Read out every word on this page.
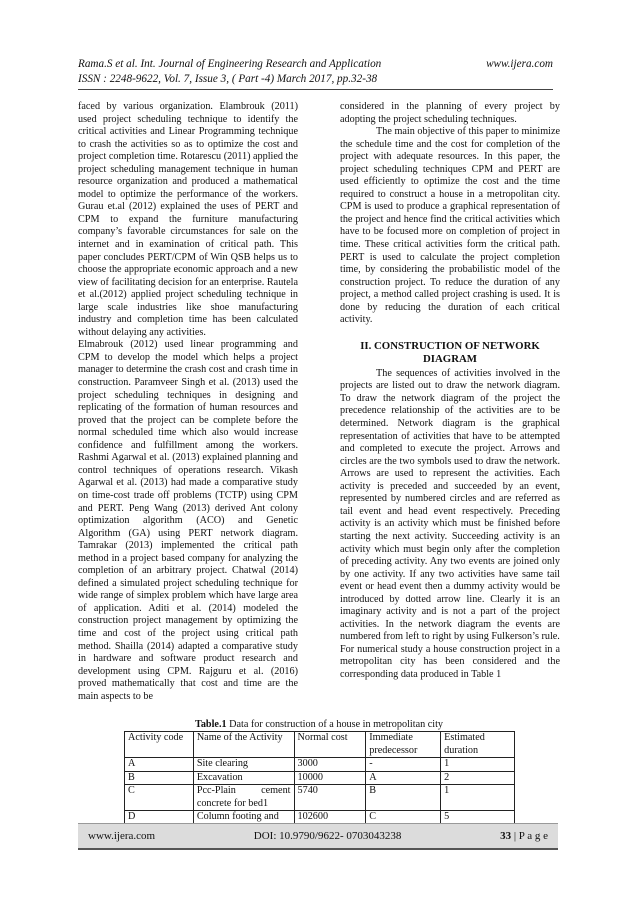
Rama.S et al. Int. Journal of Engineering Research and Application	www.ijera.com
ISSN : 2248-9622, Vol. 7, Issue 3, ( Part -4) March 2017, pp.32-38

faced by various organization. Elambrouk (2011) used project scheduling technique to identify the critical activities and Linear Programming technique to crash the activities so as to optimize the cost and project completion time. Rotarescu (2011) applied the project scheduling management technique in human resource organization and produced a mathematical model to optimize the performance of the workers. Gurau et.al (2012) explained the uses of PERT and CPM to expand the furniture manufacturing company’s favorable circumstances for sale on the internet and in examination of critical path. This paper concludes PERT/CPM of Win QSB helps us to choose the appropriate economic approach and a new view of facilitating decision for an enterprise. Rautela et al.(2012) applied project scheduling technique in large scale industries like shoe manufacturing industry and completion time has been calculated without delaying any activities.

Elmabrouk (2012) used linear programming and CPM to develop the model which helps a project manager to determine the crash cost and crash time in construction. Paramveer Singh et al. (2013) used the project scheduling techniques in designing and replicating of the formation of human resources and proved that the project can be complete before the normal scheduled time which also would increase confidence and fulfillment among the workers. Rashmi Agarwal et al. (2013) explained planning and control techniques of operations research. Vikash Agarwal et al. (2013) had made a comparative study on time-cost trade off problems (TCTP) using CPM and PERT. Peng Wang (2013) derived Ant colony optimization algorithm (ACO) and Genetic Algorithm (GA) using PERT network diagram. Tamrakar (2013) implemented the critical path method in a project based company for analyzing the completion of an arbitrary project. Chatwal (2014) defined a simulated project scheduling technique for wide range of simplex problem which have large area of application. Aditi et al. (2014) modeled the construction project management by optimizing the time and cost of the project using critical path method. Shailla (2014) adapted a comparative study in hardware and software product research and development using CPM. Rajguru et al. (2016) proved mathematically that cost and time are the main aspects to be

considered in the planning of every project by adopting the project scheduling techniques.

The main objective of this paper to minimize the schedule time and the cost for completion of the project with adequate resources. In this paper, the project scheduling techniques CPM and PERT are used efficiently to optimize the cost and the time required to construct a house in a metropolitan city. CPM is used to produce a graphical representation of the project and hence find the critical activities which have to be focused more on completion of project in time. These critical activities form the critical path. PERT is used to calculate the project completion time, by considering the probabilistic model of the construction project. To reduce the duration of any project, a method called project crashing is used. It is done by reducing the duration of each critical activity.

II. CONSTRUCTION OF NETWORK DIAGRAM

The sequences of activities involved in the projects are listed out to draw the network diagram. To draw the network diagram of the project the precedence relationship of the activities are to be determined. Network diagram is the graphical representation of activities that have to be attempted and completed to execute the project. Arrows and circles are the two symbols used to draw the network. Arrows are used to represent the activities. Each activity is preceded and succeeded by an event, represented by numbered circles and are referred as tail event and head event respectively. Preceding activity is an activity which must be finished before starting the next activity. Succeeding activity is an activity which must begin only after the completion of preceding activity. Any two events are joined only by one activity. If any two activities have same tail event or head event then a dummy activity would be introduced by dotted arrow line. Clearly it is an imaginary activity and is not a part of the project activities. In the network diagram the events are numbered from left to right by using Fulkerson’s rule.

For numerical study a house construction project in a metropolitan city has been considered and the corresponding data produced in Table 1

Table.1 Data for construction of a house in metropolitan city
Activity code	Name of the Activity	Normal cost	Immediate predecessor	Estimated duration
A	Site clearing	3000	-	1
B	Excavation	10000	A	2
C	Pcc-Plain cement concrete for bed1	5740	B	1
D	Column footing and	102600	C	5
www.ijera.com	DOI: 10.9790/9622- 0703043238	33 | P a g e
